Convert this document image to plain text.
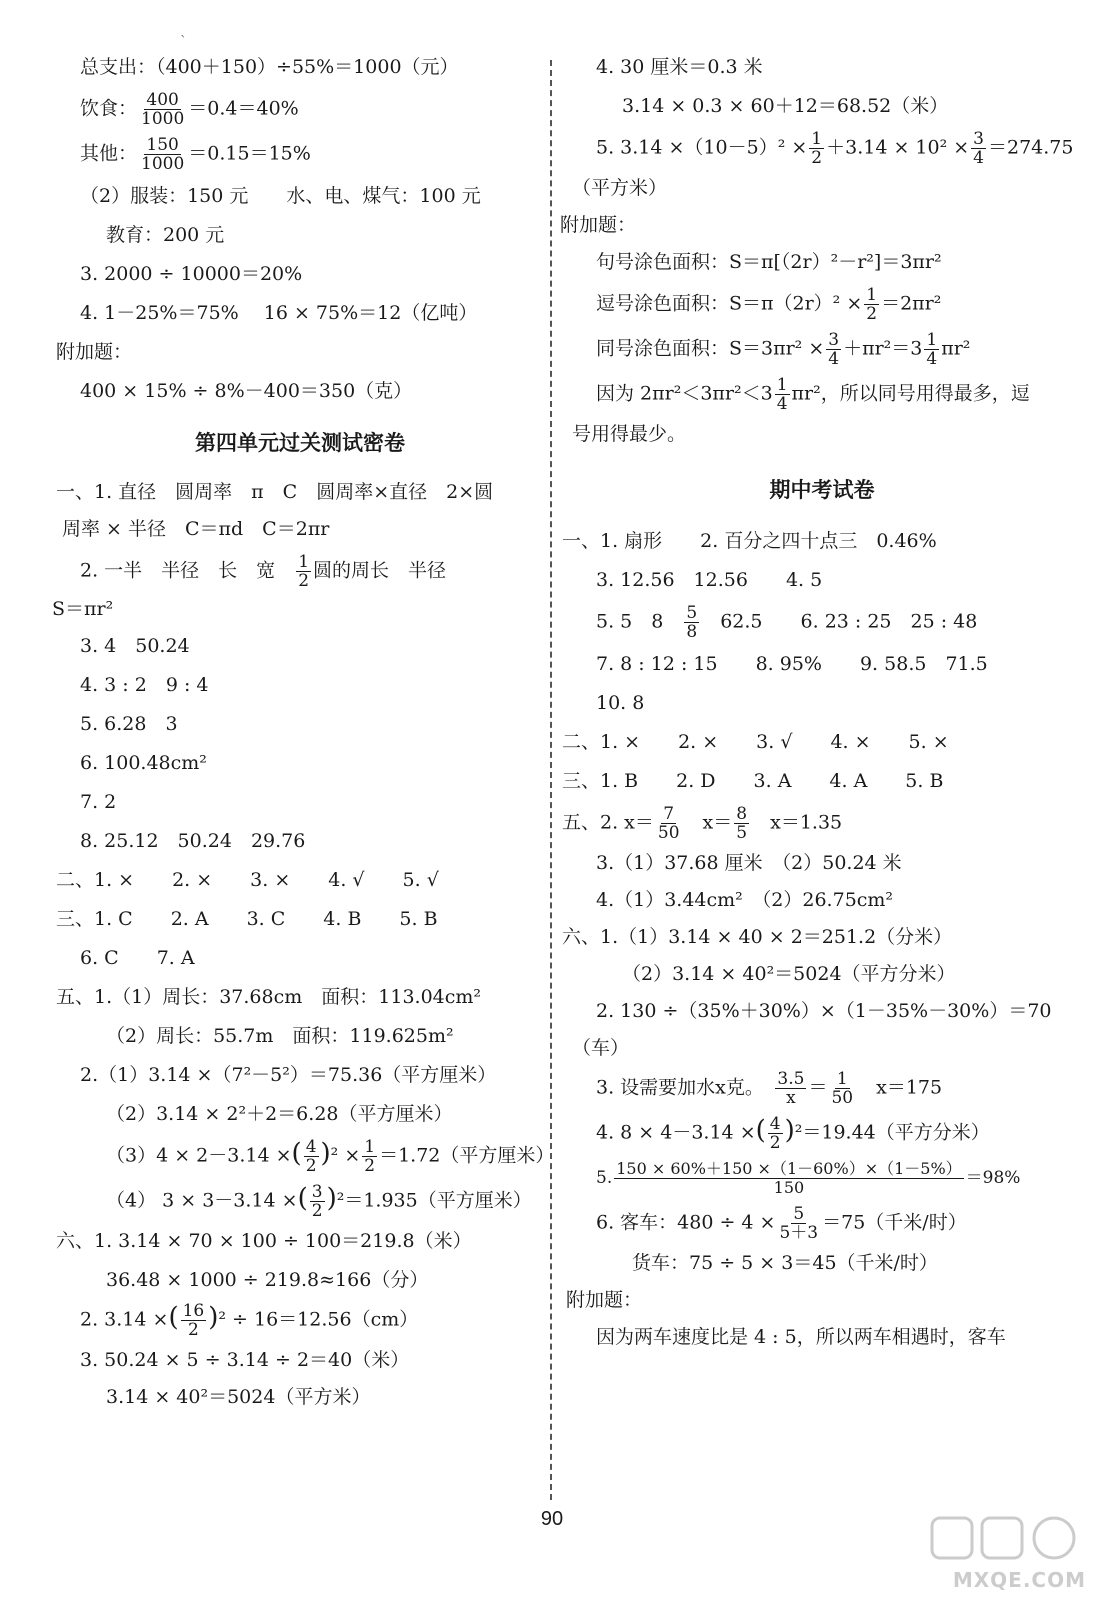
ˋ
总支出：（400＋150）÷55%＝1000（元）
饮食： $\frac{400}{1000} =0.4=40\%$
其他： $\frac{150}{1000} =0.15=15\%$
（2）服装：150 元　　水、电、煤气：100 元
教育：200 元
3. 2000 ÷ 10000＝20%
4. 1－25%＝75%　 16 × 75%＝12（亿吨）
附加题：
400 × 15% ÷ 8%－400＝350（克）
第四单元过关测试密卷
一、1. 直径　圆周率　π　C　圆周率×直径　2×圆
周率 × 半径　C＝πd　C＝2πr
2. 一半　半径　长　宽　 $\frac{1}{2}$ 圆的周长　半径
S＝πr²
3. 4　50.24
4. 3 : 2　9 : 4
5. 6.28　3
6. 100.48cm²
7. 2
8. 25.12　50.24　29.76
二、1. ×　　2. ×　　3. ×　　4. √　　5. √
三、1. C　　2. A　　3. C　　4. B　　5. B
6. C　　7. A
五、1.（1）周长：37.68cm　面积：113.04cm²
（2）周长：55.7m　面积：119.625m²
2.（1）3.14 ×（7²－5²）＝75.36（平方厘米）
（2）3.14 × 2²＋2＝6.28（平方厘米）
（3）4 × 2－3.14 ×( $\frac{4}{2} )^2 \times \frac{1}{2} =1.72$（平方厘米）
（4） 3 × 3－3.14 ×( $\frac{3}{2} )^2=1.935$（平方厘米）
六、1. 3.14 × 70 × 100 ÷ 100＝219.8（米）
36.48 × 1000 ÷ 219.8≈166（分）
2. 3.14 ×( $\frac{16}{2} )^2 \div 16=12.56(cm)$
3. 50.24 × 5 ÷ 3.14 ÷ 2＝40（米）
3.14 × 40²＝5024（平方米）
4. 30 厘米＝0.3 米
3.14 × 0.3 × 60＋12＝68.52（米）
5. $3.14 \times(10-5)^2 \times \frac{1}{2} +3.14 \times 10^2 \times \frac{3}{4} =274.75$
（平方米）
附加题：
句号涂色面积：S＝π[（2r）²－r²]＝3πr²
逗号涂色面积：$S=\pi(2r)^2 \times \frac{1}{2} =2\pi r^2$
同号涂色面积：$S=3\pi r^2 \times \frac{3}{4} +\pi r^2=3 \frac{1}{4} \pi r^2$
因为 $2\pi r^2<3\pi r^2<3 \frac{1}{4} \pi r^2$，所以同号用得最多，逗
号用得最少。
期中考试卷
一、1. 扇形　　2. 百分之四十点三　0.46%
3. 12.56　12.56　　4. 5
5. 5　8　 $\frac{5}{8}$
　 62.5　　6. 23 : 25　25 : 48
7. 8 : 12 : 15　　8. 95%　　9. 58.5　71.5
10. 8
二、1. ×　　2. ×　　3. √　　4. ×　　5. ×
三、1. B　　2. D　　3. A　　4. A　　5. B
五、2. $x= \frac{7}{50}$
　 $x= \frac{8}{5}$
　 x＝1.35
3.（1）37.68 厘米　（2）50.24 米
4.（1）3.44cm²　（2）26.75cm²
六、1.（1）3.14 × 40 × 2＝251.2（分米）
（2）3.14 × 40²＝5024（平方分米）
2. 130 ÷（35%＋30%）×（1－35%－30%）＝70
（车）
3. 设需要加水x克。　 $\frac{3.5}{x} = \frac{1}{50}$
　 x＝175
4. 8 × 4－3.14 ×( $\frac{4}{2} )^2=19.44$（平方分米）
5. $\frac{150 \times 60\%+150 \times(1-60\%)\times(1-5\%)}{150} =98\%$
6. 客车：$480 \div 4 \times \frac{5}{5+3} =75$（千米/时）
货车：75 ÷ 5 × 3＝45（千米/时）
附加题：
因为两车速度比是 4 : 5，所以两车相遇时，客车
90
MXQE.COM
